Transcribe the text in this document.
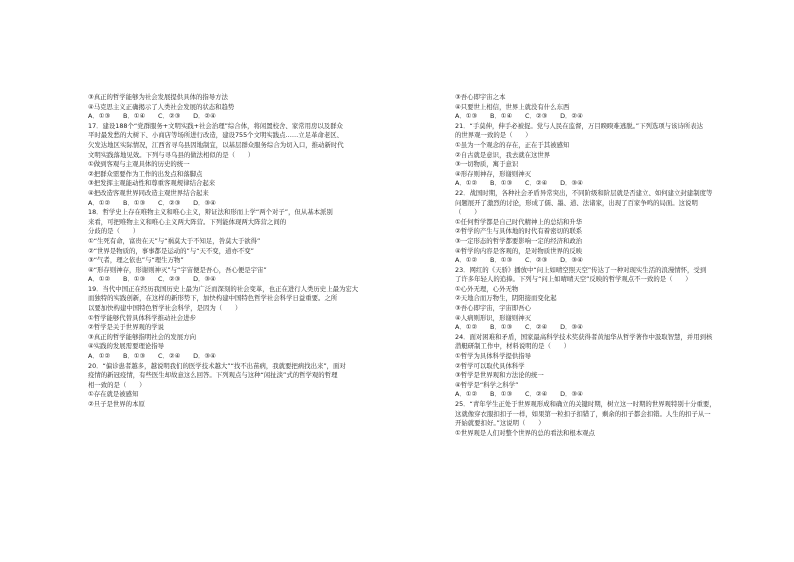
③真正的哲学能够为社会发展提供具体的指导方法
④马克思主义正确揭示了人类社会发展的状态和趋势
A．①③　　B．①④　　C．②③　　D．②④
17．建设188个“党群服务+文明实践+社会治理”综合体，将闲置校舍、家常用房以及群众
平时最发愁的大树下、小商店等场所进行改造，建设755个文明实践点……立足革命老区、
欠发达地区实际情况，江西省寻乌县因地制宜，以基层群众服务综合为切入口，推动新时代
文明实践落地见效。下列与寻乌县的做法相似的是（　　）
①做到客观与主观具体的历史的统一
②把群众需要作为工作的出发点和落脚点
③把发挥主观能动性和尊重客观规律结合起来
④把改造客观世界同改造主观世界结合起来
A．①②　　B．①③　　C．②③　　D．③④
18．哲学史上存在唯物主义和唯心主义，辩证法和形而上学“两个对子”，但从基本派别
来看，可把唯物主义和唯心主义两大阵营。下列能体现两大阵营之间的
分歧的是（　　）
①“生死有命，富贵在天”与“祸莫大于不知足，咎莫大于欲得”
②“世界是物质的，事事都是运动的”与“天不变，道亦不变”
③“气者，理之依也”与“理生万物”
④“形存则神存，形谢则神灭”与“宇宙便是吾心，吾心便是宇宙”
A．①②　　B．①③　　C．②③　　D．③④
19．当代中国正在经历我国历史上最为广泛而深刻的社会变革，也正在进行人类历史上最为宏大
而独特的实践创新，在这样的新形势下，加快构建中国特色哲学社会科学日益重要。之所
以要加快构建中国特色哲学社会科学，是因为（　　）
①哲学能够代替具体科学推动社会进步
②哲学是关于世界观的学说
③真正的哲学能够指明社会的发展方向
④实践的发展需要理论指导
A．①②　　B．①③　　C．②④　　D．③④
20．“偏诊患者越多，越说明我们的医学技术越大”“找不出苗病，我就要把病找出来”，面对
疫情的新冠疫情，有些医生却故意这么回答。下列观点与这种“闲扯淡”式的哲学观的哲理
相一致的是（　　）
①存在就是被感知
②旦子是世界的本原
③吾心即宇宙之本
④只要世上相信，世界上就没有什么东西
A．①③　　B．①④　　C．②③　　D．②④
21．“手莫伸，伸手必被捉。党与人民在监督，万目睽睽难逃脱。”下列选项与该诗所表达
的世界观一致的是（　　）
①虽为一个观念的存在，正在于其被感知
②自古就是意识，我去就在这世界
③一切物质，寓于意识
④形存则神存，形谢则神灭
A．①②　　B．①③　　C．②④　　D．③④
22．战国时期，各种社会矛盾异常突出，不同阶级和阶层就是否建立、如何建立封建制度等
问题展开了激烈的讨论，形成了儒、墨、道、法诸家，出现了百家争鸣的局面。这说明
（　　）
①任何哲学都是自己时代精神上的总结和升华
②哲学的产生与具体地的时代有着密切的联系
③一定形态的哲学都要影响一定的经济和政治
④哲学的内容是客观的，是对物质世界的反映
A．①②　　B．①③　　C．②③　　D．③④
23．网红的《天骄》播放中“问上如晴空照天空”传达了一种对现实生活的浪漫情怀，受到
了许多年轻人的追捧。下列与“问上如晴晴天空”反映的哲学观点不一致的是（　　）
①心外无理，心外无物
②天地合而万物生，阴阳接而变化起
③吾心即宇宙，宇宙即吾心
④人病则形识，形谢则神灭
A．①②　　B．①③　　C．②④　　D．③④
24．面对困难和矛盾，国家最高科学技术奖获得者黄旭华从哲学著作中汲取智慧，并用到核
潜艇研制工作中，材料说明的是（　　）
①哲学为具体科学提供指导
②哲学可以取代具体科学
③哲学是世界观和方法论的统一
④哲学是“科学之科学”
A．①②　　B．①③　　C．②④　　D．③④
25．“青年学生正处于世界观形成和确立的关键时期，树立这一时期的世界观特别十分重要，
这就像穿衣服扣扣子一样，如果第一粒扣子扣错了，剩余的扣子都会扣错。人生的扣子从一
开始就要扣好。”这说明（　　）
①世界观是人们对整个世界的总的看法和根本观点
